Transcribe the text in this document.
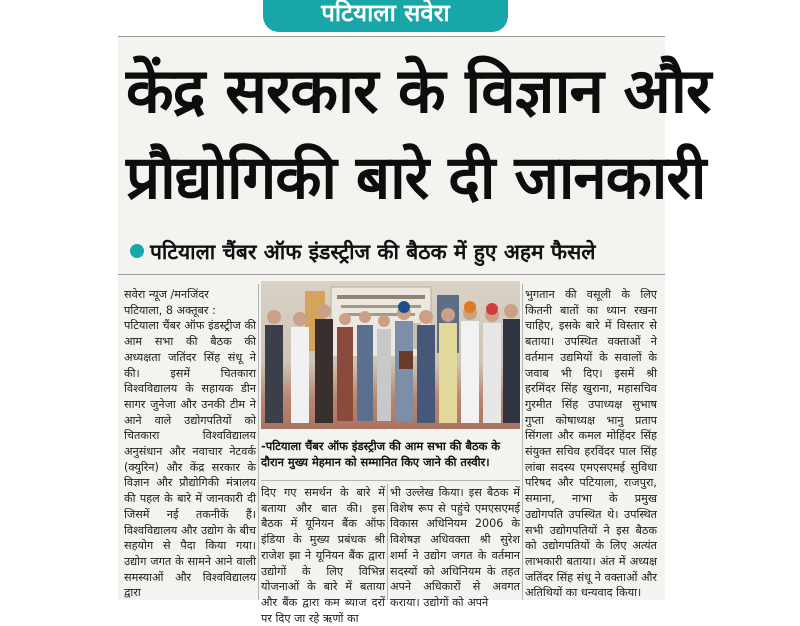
पटियाला सवेरा
केंद्र सरकार के विज्ञान और
प्रौद्योगिकी बारे दी जानकारी
पटियाला चैंबर ऑफ इंडस्ट्रीज की बैठक में हुए अहम फैसले

सवेरा न्यूज /मनजिंदर

पटियाला, 8 अक्तूबर :

पटियाला चैंबर ऑफ इंडस्ट्रीज की आम सभा की बैठक की अध्यक्षता जतिंदर सिंह संधू ने की। इसमें चितकारा विश्वविद्यालय के सहायक डीन सागर जुनेजा और उनकी टीम ने आने वाले उद्योगपतियों को चितकारा विश्वविद्यालय अनुसंधान और नवाचार नेटवर्क (क्युरिन) और केंद्र सरकार के विज्ञान और प्रौद्योगिकी मंत्रालय की पहल के बारे में जानकारी दी जिसमें नई तकनीकें हैं। विश्वविद्यालय और उद्योग के बीच सहयोग से पैदा किया गया। उद्योग जगत के सामने आने वाली समस्याओं और विश्वविद्यालय द्वारा

-पटियाला चैंबर ऑफ इंडस्ट्रीज की आम सभा की बैठक के दौरान मुख्य मेहमान को सम्मानित किए जाने की तस्वीर।

दिए गए समर्थन के बारे में बताया और बात की। इस बैठक में यूनियन बैंक ऑफ इंडिया के मुख्य प्रबंधक श्री राजेश झा ने यूनियन बैंक द्वारा उद्योगों के लिए विभिन्न योजनाओं के बारे में बताया और बैंक द्वारा कम ब्याज दरों पर दिए जा रहे ऋणों का

भी उल्लेख किया। इस बैठक में विशेष रूप से पहुंचे एमएसएमई विकास अधिनियम 2006 के विशेषज्ञ अधिवक्ता श्री सुरेश शर्मा ने उद्योग जगत के वर्तमान सदस्यों को अधिनियम के तहत अपने अधिकारों से अवगत कराया। उद्योगों को अपने

भुगतान की वसूली के लिए कितनी बातों का ध्यान रखना चाहिए, इसके बारे में विस्तार से बताया। उपस्थित वक्ताओं ने वर्तमान उद्यमियों के सवालों के जवाब भी दिए। इसमें श्री हरमिंदर सिंह खुराना, महासचिव गुरमीत सिंह उपाध्यक्ष सुभाष गुप्ता कोषाध्यक्ष भानु प्रताप सिंगला और कमल मोहिंदर सिंह संयुक्त सचिव हरविंदर पाल सिंह लांबा सदस्य एमएसएमई सुविधा परिषद और पटियाला, राजपुरा, समाना, नाभा के प्रमुख उद्योगपति उपस्थित थे। उपस्थित सभी उद्योगपतियों ने इस बैठक को उद्योगपतियों के लिए अत्यंत लाभकारी बताया। अंत में अध्यक्ष जतिंदर सिंह संधू ने वक्ताओं और अतिथियों का धन्यवाद किया।
